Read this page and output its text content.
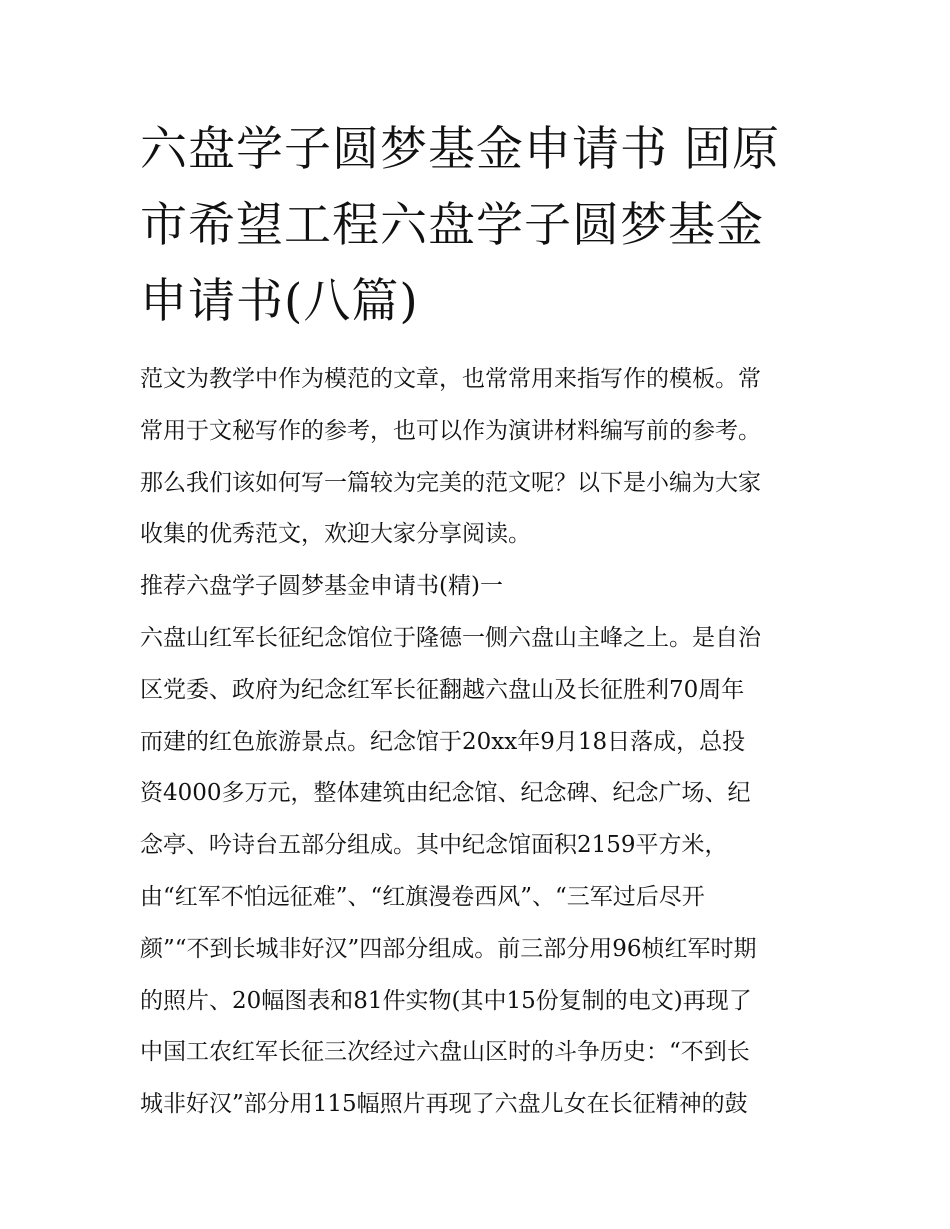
六盘学子圆梦基金申请书 固原
市希望工程六盘学子圆梦基金
申请书(八篇)
范文为教学中作为模范的文章，也常常用来指写作的模板。常
常用于文秘写作的参考，也可以作为演讲材料编写前的参考。
那么我们该如何写一篇较为完美的范文呢？以下是小编为大家
收集的优秀范文，欢迎大家分享阅读。
推荐六盘学子圆梦基金申请书(精)一
六盘山红军长征纪念馆位于隆德一侧六盘山主峰之上。是自治
区党委、政府为纪念红军长征翻越六盘山及长征胜利70周年
而建的红色旅游景点。纪念馆于20xx年9月18日落成，总投
资4000多万元，整体建筑由纪念馆、纪念碑、纪念广场、纪
念亭、吟诗台五部分组成。其中纪念馆面积2159平方米，
由“红军不怕远征难”、“红旗漫卷西风”、“三军过后尽开
颜”“不到长城非好汉”四部分组成。前三部分用96桢红军时期
的照片、20幅图表和81件实物(其中15份复制的电文)再现了
中国工农红军长征三次经过六盘山区时的斗争历史：“不到长
城非好汉”部分用115幅照片再现了六盘儿女在长征精神的鼓
